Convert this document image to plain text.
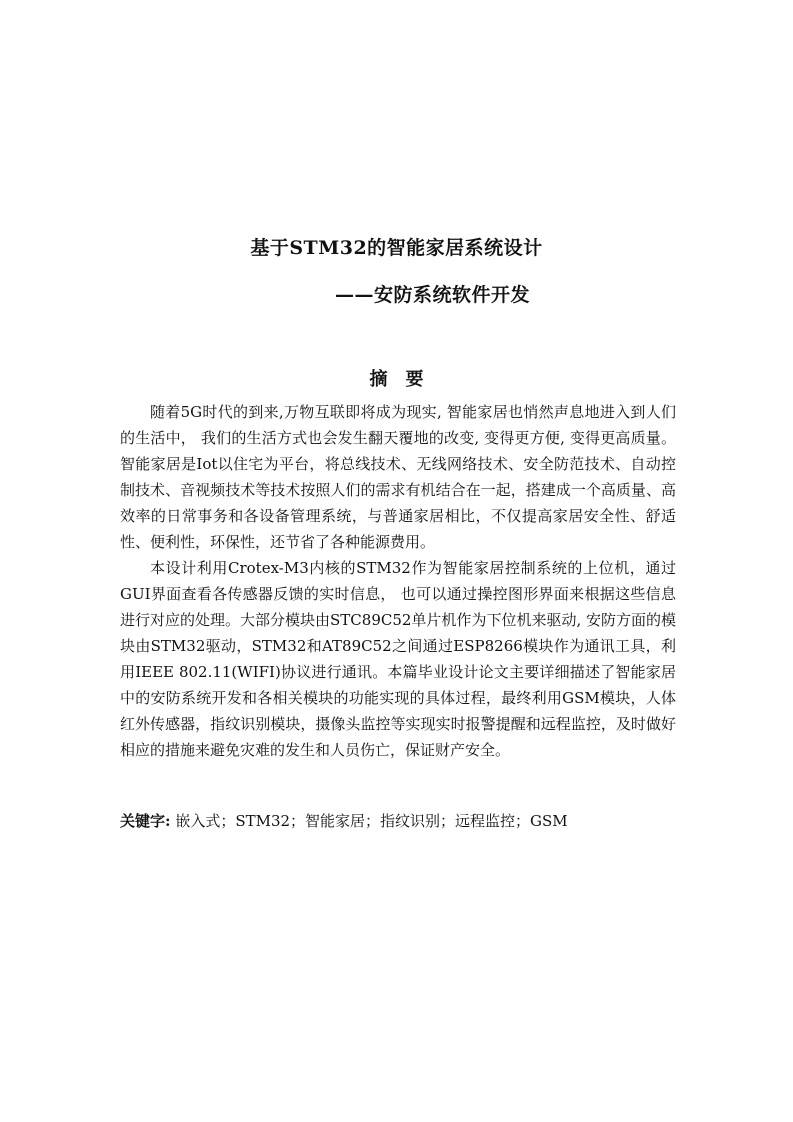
基于STM32的智能家居系统设计
——安防系统软件开发
摘要

随着5G时代的到来,万物互联即将成为现实, 智能家居也悄然声息地进入到人们的生活中， 我们的生活方式也会发生翻天覆地的改变, 变得更方便, 变得更高质量。智能家居是Iot以住宅为平台，将总线技术、无线网络技术、安全防范技术、自动控制技术、音视频技术等技术按照人们的需求有机结合在一起，搭建成一个高质量、高效率的日常事务和各设备管理系统，与普通家居相比，不仅提高家居安全性、舒适性、便利性，环保性，还节省了各种能源费用。

本设计利用Crotex-M3内核的STM32作为智能家居控制系统的上位机，通过GUI界面查看各传感器反馈的实时信息， 也可以通过操控图形界面来根据这些信息进行对应的处理。大部分模块由STC89C52单片机作为下位机来驱动, 安防方面的模块由STM32驱动，STM32和AT89C52之间通过ESP8266模块作为通讯工具，利用IEEE 802.11(WIFI)协议进行通讯。本篇毕业设计论文主要详细描述了智能家居中的安防系统开发和各相关模块的功能实现的具体过程，最终利用GSM模块，人体红外传感器，指纹识别模块，摄像头监控等实现实时报警提醒和远程监控，及时做好相应的措施来避免灾难的发生和人员伤亡，保证财产安全。

关键字: 嵌入式；STM32；智能家居；指纹识别；远程监控；GSM
